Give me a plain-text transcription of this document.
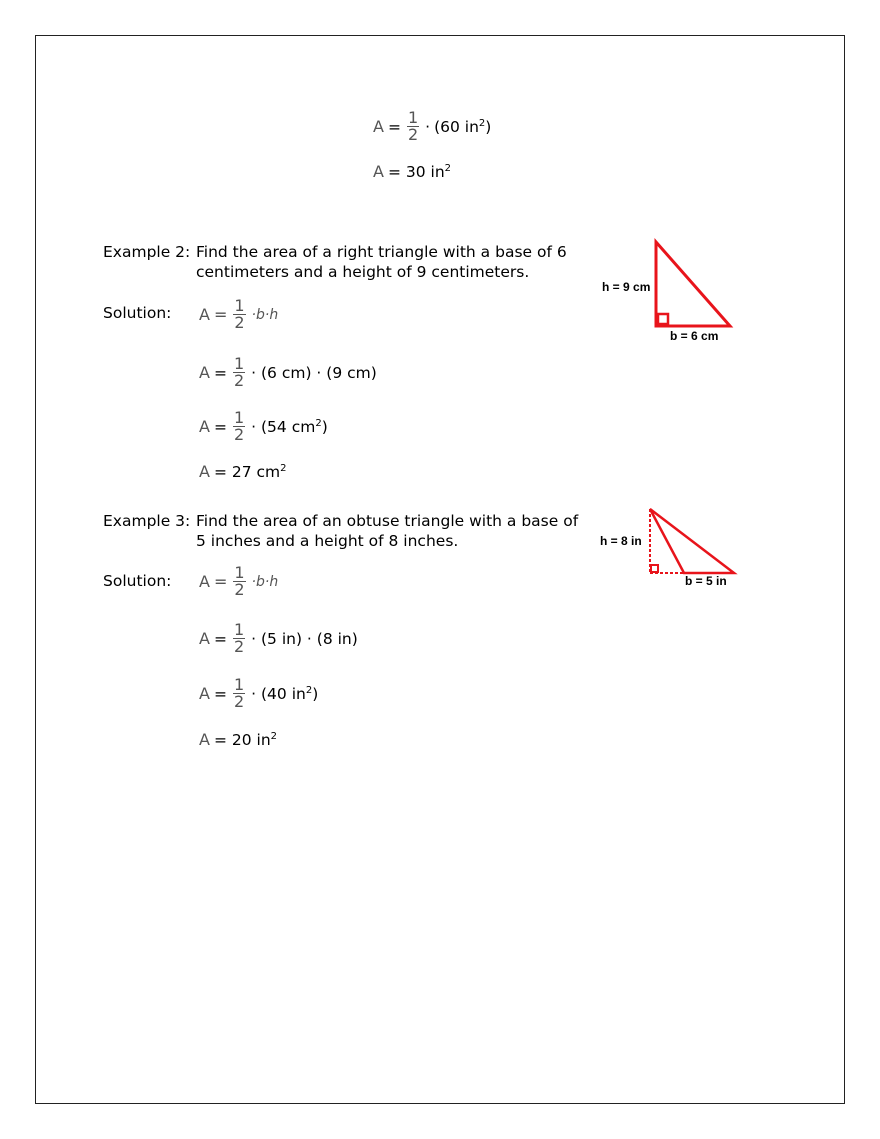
$A = \frac{1}{2} \cdot (60$ $in^2$)
A = 30 $in^2$
Example 2: Find the area of a right triangle with a base of 6
centimeters and a height of 9 centimeters.
Solution: $A = \frac{1}{2} \cdot b\cdot h$
$A = \frac{1}{2} \cdot (6$ cm) · (9 cm)
$A = \frac{1}{2} \cdot (54$ $cm^2$)
A = 27 $cm^2$
h = 9 cm
b = 6 cm
Example 3: Find the area of an obtuse triangle with a base of
5 inches and a height of 8 inches.
Solution: $A = \frac{1}{2} \cdot b\cdot h$
$A = \frac{1}{2} \cdot (5$ in) · (8 in)
$A = \frac{1}{2} \cdot (40$ $in^2$)
A = 20 $in^2$
h = 8 in
b = 5 in
